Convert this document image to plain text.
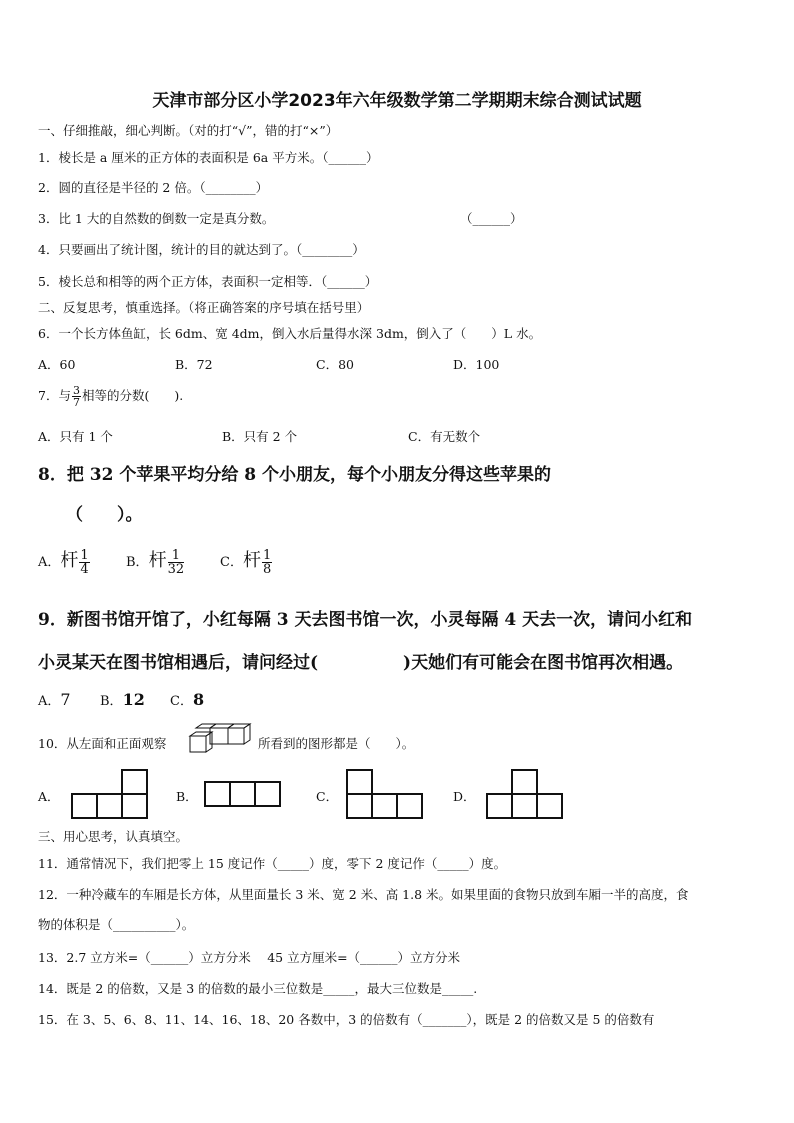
天津市部分区小学2023年六年级数学第二学期期末综合测试试题
一、仔细推敲，细心判断。（对的打“√”，错的打“×”）
1．棱长是 a 厘米的正方体的表面积是 6a 平方米。（______）
2．圆的直径是半径的 2 倍。（________）
3．比 1 大的自然数的倒数一定是真分数。	（______）
4．只要画出了统计图，统计的目的就达到了。（________）
5．棱长总和相等的两个正方体，表面积一定相等．（______）
二、反复思考，慎重选择。（将正确答案的序号填在括号里）
6．一个长方体鱼缸，长 6dm、宽 4dm，倒入水后量得水深 3dm，倒入了（　　）L 水。
A．60	B．72	C．80	D．100
7．与 $\frac{3}{7}$ 相等的分数(　　).
A．只有 1 个	B．只有 2 个	C．有无数个
8．把 32 个苹果平均分给 8 个小朋友，每个小朋友分得这些苹果的
（　　）。
A．杆 $\frac{1}{4}$	B．杆 $\frac{1}{32}$	C．杆 $\frac{1}{8}$
9．新图书馆开馆了，小红每隔 3 天去图书馆一次，小灵每隔 4 天去一次，请问小红和
小灵某天在图书馆相遇后，请问经过(　　　　　)天她们有可能会在图书馆再次相遇。
A．7 B．12 C．8
10．从左面和正面观察	所看到的图形都是（　　）。
A．	B．	C．	D．
三、用心思考，认真填空。
11．通常情况下，我们把零上 15 度记作（_____）度，零下 2 度记作（_____）度。
12．一种冷藏车的车厢是长方体，从里面量长 3 米、宽 2 米、高 1.8 米。如果里面的食物只放到车厢一半的高度，食
物的体积是（__________）。
13．2.7 立方米=（______）立方分米　 45 立方厘米=（______）立方分米
14．既是 2 的倍数，又是 3 的倍数的最小三位数是_____，最大三位数是_____.
15．在 3、5、6、8、11、14、16、18、20 各数中，3 的倍数有（_______），既是 2 的倍数又是 5 的倍数有
